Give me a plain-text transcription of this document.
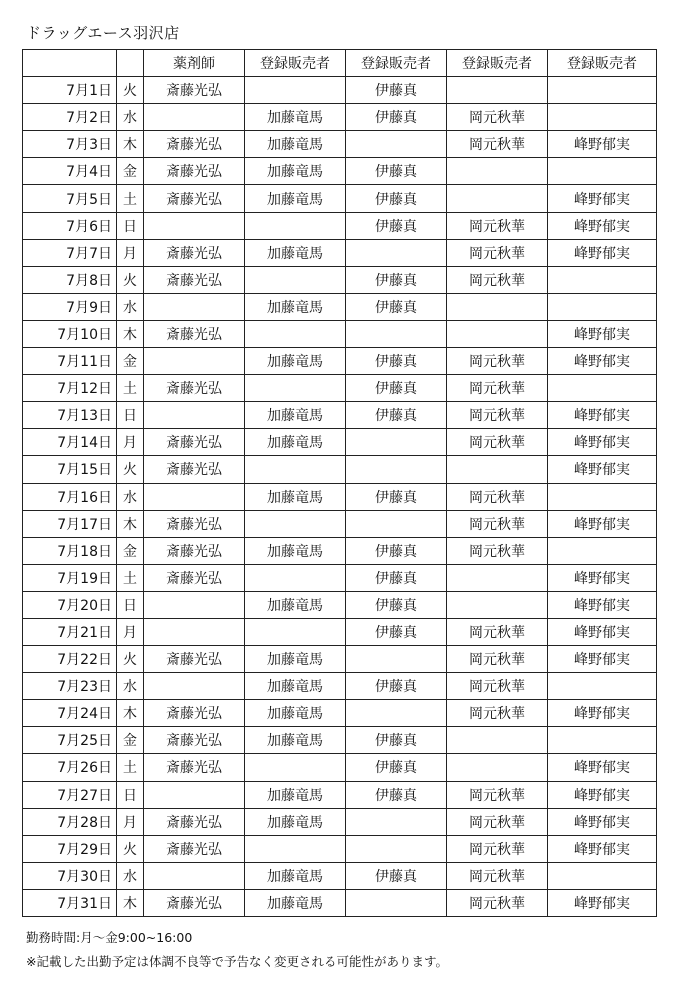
ドラッグエース羽沢店
		薬剤師	登録販売者	登録販売者	登録販売者	登録販売者
7月1日	火	斎藤光弘		伊藤真		
7月2日	水		加藤竜馬	伊藤真	岡元秋華	
7月3日	木	斎藤光弘	加藤竜馬		岡元秋華	峰野郁実
7月4日	金	斎藤光弘	加藤竜馬	伊藤真		
7月5日	土	斎藤光弘	加藤竜馬	伊藤真		峰野郁実
7月6日	日			伊藤真	岡元秋華	峰野郁実
7月7日	月	斎藤光弘	加藤竜馬		岡元秋華	峰野郁実
7月8日	火	斎藤光弘		伊藤真	岡元秋華	
7月9日	水		加藤竜馬	伊藤真		
7月10日	木	斎藤光弘				峰野郁実
7月11日	金		加藤竜馬	伊藤真	岡元秋華	峰野郁実
7月12日	土	斎藤光弘		伊藤真	岡元秋華	
7月13日	日		加藤竜馬	伊藤真	岡元秋華	峰野郁実
7月14日	月	斎藤光弘	加藤竜馬		岡元秋華	峰野郁実
7月15日	火	斎藤光弘				峰野郁実
7月16日	水		加藤竜馬	伊藤真	岡元秋華	
7月17日	木	斎藤光弘			岡元秋華	峰野郁実
7月18日	金	斎藤光弘	加藤竜馬	伊藤真	岡元秋華	
7月19日	土	斎藤光弘		伊藤真		峰野郁実
7月20日	日		加藤竜馬	伊藤真		峰野郁実
7月21日	月			伊藤真	岡元秋華	峰野郁実
7月22日	火	斎藤光弘	加藤竜馬		岡元秋華	峰野郁実
7月23日	水		加藤竜馬	伊藤真	岡元秋華	
7月24日	木	斎藤光弘	加藤竜馬		岡元秋華	峰野郁実
7月25日	金	斎藤光弘	加藤竜馬	伊藤真		
7月26日	土	斎藤光弘		伊藤真		峰野郁実
7月27日	日		加藤竜馬	伊藤真	岡元秋華	峰野郁実
7月28日	月	斎藤光弘	加藤竜馬		岡元秋華	峰野郁実
7月29日	火	斎藤光弘			岡元秋華	峰野郁実
7月30日	水		加藤竜馬	伊藤真	岡元秋華	
7月31日	木	斎藤光弘	加藤竜馬		岡元秋華	峰野郁実

勤務時間:月～金9:00~16:00

※記載した出勤予定は体調不良等で予告なく変更される可能性があります。
